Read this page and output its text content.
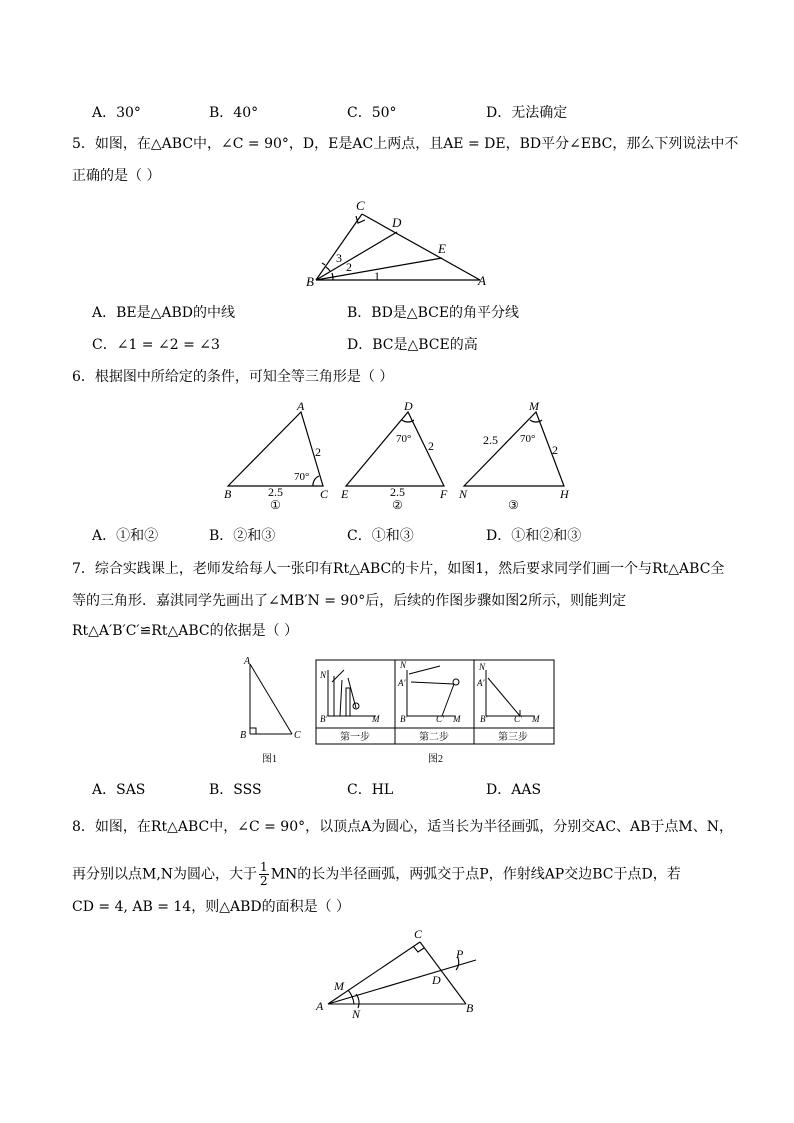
A．30°	B．40°	C．50°	D．无法确定
5．如图，在△ABC中，∠C = 90°，D，E是AC上两点，且AE = DE，BD平分∠EBC，那么下列说法中不
正确的是（ ）
C
D
E
A
B	1
2
3
A．BE是△ABD的中线	B．BD是△BCE的角平分线
C．∠1 = ∠2 = ∠3	D．BC是△BCE的高
6．根据图中所给定的条件，可知全等三角形是（ ）
A
B	C
2
2.5
70°
①
D
E	F
2
2.5
70°
②
M
N	H
2
2.5 70°
③
A．①和②	B．②和③	C．①和③	D．①和②和③
7．综合实践课上，老师发给每人一张印有Rt△ABC的卡片，如图1，然后要求同学们画一个与Rt△ABC全
等的三角形．嘉淇同学先画出了∠MB′N = 90°后，后续的作图步骤如图2所示，则能判定
Rt△A′B′C′≌Rt△ABC的依据是（ ）
A
B	C
图1
N
B′	M
N
A′
B′	C′ M
N
A′
B′	C′ M
第一步	第二步	第三步
图2
A．SAS	B．SSS	C．HL	D．AAS
8．如图，在Rt△ABC中，∠C = 90°，以顶点A为圆心，适当长为半径画弧，分别交AC、AB于点M、N，
再分别以点M,N为圆心，大于 $\frac{1}{2}$ MN的长为半径画弧，两弧交于点P，作射线AP交边BC于点D，若
CD = 4, AB = 14，则△ABD的面积是（ ）
C
P
M	D
A
N	B
